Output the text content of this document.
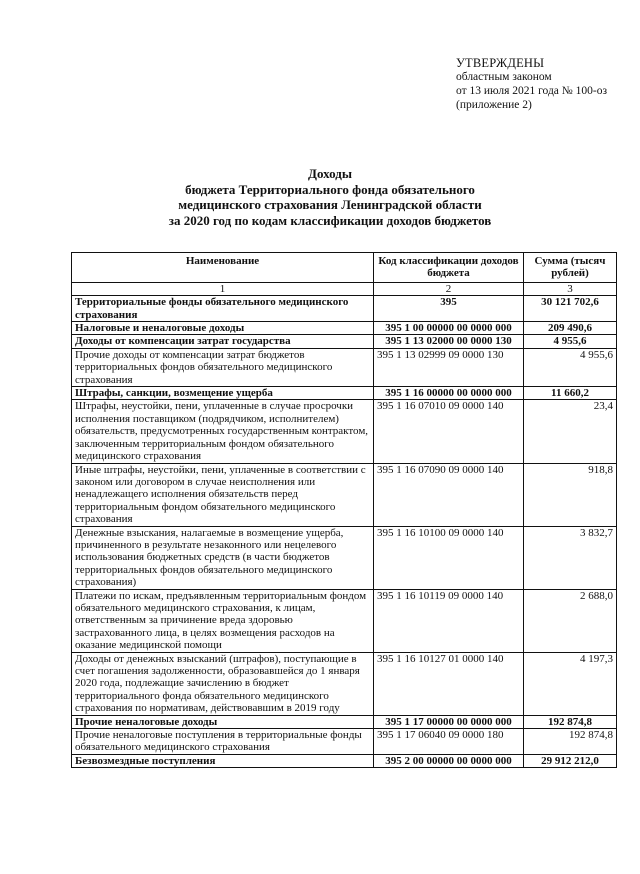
УТВЕРЖДЕНЫ
областным законом
от 13 июля 2021 года № 100-оз
(приложение 2)
Доходы
бюджета Территориального фонда обязательного
медицинского страхования Ленинградской области
за 2020 год по кодам классификации доходов бюджетов
Наименование	Код классификации доходов бюджета	Сумма (тысяч рублей)
1	2	3
Территориальные фонды обязательного медицинского страхования	395	30 121 702,6
Налоговые и неналоговые доходы	395 1 00 00000 00 0000 000	209 490,6
Доходы от компенсации затрат государства	395 1 13 02000 00 0000 130	4 955,6
Прочие доходы от компенсации затрат бюджетов территориальных фондов обязательного медицинского страхования	395 1 13 02999 09 0000 130	4 955,6
Штрафы, санкции, возмещение ущерба	395 1 16 00000 00 0000 000	11 660,2
Штрафы, неустойки, пени, уплаченные в случае просрочки исполнения поставщиком (подрядчиком, исполнителем) обязательств, предусмотренных государственным контрактом, заключенным территориальным фондом обязательного медицинского страхования	395 1 16 07010 09 0000 140	23,4
Иные штрафы, неустойки, пени, уплаченные в соответствии с законом или договором в случае неисполнения или ненадлежащего исполнения обязательств перед территориальным фондом обязательного медицинского страхования	395 1 16 07090 09 0000 140	918,8
Денежные взыскания, налагаемые в возмещение ущерба, причиненного в результате незаконного или нецелевого использования бюджетных средств (в части бюджетов территориальных фондов обязательного медицинского страхования)	395 1 16 10100 09 0000 140	3 832,7
Платежи по искам, предъявленным территориальным фондом обязательного медицинского страхования, к лицам, ответственным за причинение вреда здоровью застрахованного лица, в целях возмещения расходов на оказание медицинской помощи	395 1 16 10119 09 0000 140	2 688,0
Доходы от денежных взысканий (штрафов), поступающие в счет погашения задолженности, образовавшейся до 1 января 2020 года, подлежащие зачислению в бюджет территориального фонда обязательного медицинского страхования по нормативам, действовавшим в 2019 году	395 1 16 10127 01 0000 140	4 197,3
Прочие неналоговые доходы	395 1 17 00000 00 0000 000	192 874,8
Прочие неналоговые поступления в территориальные фонды обязательного медицинского страхования	395 1 17 06040 09 0000 180	192 874,8
Безвозмездные поступления	395 2 00 00000 00 0000 000	29 912 212,0
